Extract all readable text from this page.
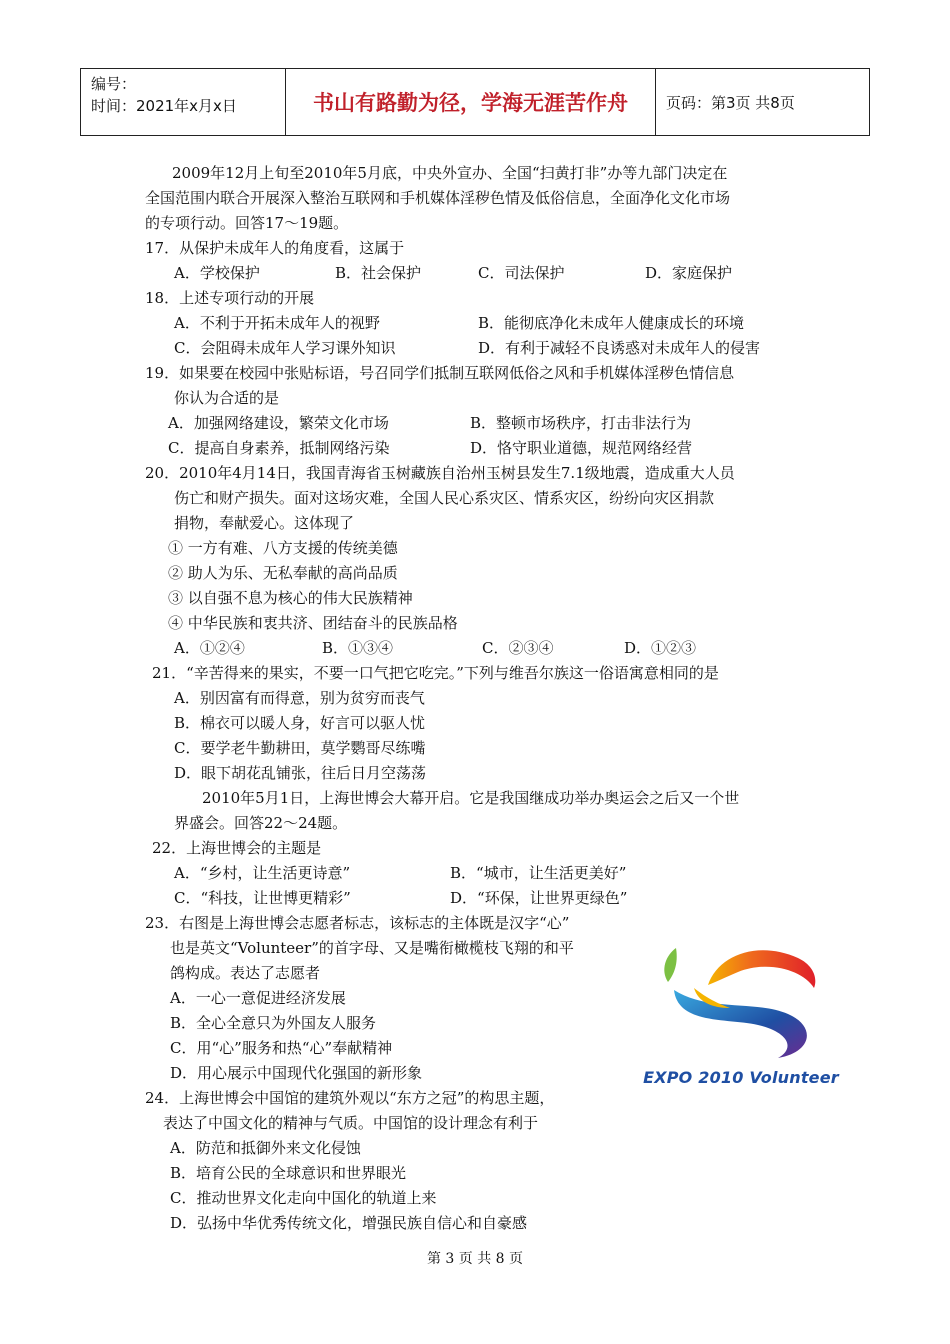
编号：
时间：2021年x月x日	书山有路勤为径，学海无涯苦作舟	页码：第3页 共8页
2009年12月上旬至2010年5月底，中央外宣办、全国“扫黄打非”办等九部门决定在
全国范围内联合开展深入整治互联网和手机媒体淫秽色情及低俗信息，全面净化文化市场
的专项行动。回答17～19题。
17．从保护未成年人的角度看，这属于
A．学校保护	B．社会保护	C．司法保护	D．家庭保护
18．上述专项行动的开展
A．不利于开拓未成年人的视野	B．能彻底净化未成年人健康成长的环境
C．会阻碍未成年人学习课外知识	D．有利于减轻不良诱惑对未成年人的侵害
19．如果要在校园中张贴标语，号召同学们抵制互联网低俗之风和手机媒体淫秽色情信息
你认为合适的是
A．加强网络建设，繁荣文化市场	B．整顿市场秩序，打击非法行为
C．提高自身素养，抵制网络污染	D．恪守职业道德，规范网络经营
20．2010年4月14日，我国青海省玉树藏族自治州玉树县发生7.1级地震，造成重大人员
伤亡和财产损失。面对这场灾难，全国人民心系灾区、情系灾区，纷纷向灾区捐款
捐物，奉献爱心。这体现了
① 一方有难、八方支援的传统美德
② 助人为乐、无私奉献的高尚品质
③ 以自强不息为核心的伟大民族精神
④ 中华民族和衷共济、团结奋斗的民族品格
A．①②④	B．①③④	C．②③④	D．①②③
21．“辛苦得来的果实，不要一口气把它吃完。”下列与维吾尔族这一俗语寓意相同的是
A．别因富有而得意，别为贫穷而丧气
B．棉衣可以暖人身，好言可以驱人忧
C．要学老牛勤耕田，莫学鹦哥尽练嘴
D．眼下胡花乱铺张，往后日月空荡荡
2010年5月1日，上海世博会大幕开启。它是我国继成功举办奥运会之后又一个世
界盛会。回答22～24题。
22．上海世博会的主题是
A．“乡村，让生活更诗意”	B．“城市，让生活更美好”
C．“科技，让世博更精彩”	D．“环保，让世界更绿色”
23．右图是上海世博会志愿者标志，该标志的主体既是汉字“心”
也是英文“Volunteer”的首字母、又是嘴衔橄榄枝飞翔的和平
鸽构成。表达了志愿者
A．一心一意促进经济发展
B．全心全意只为外国友人服务
C．用“心”服务和热“心”奉献精神
D．用心展示中国现代化强国的新形象
24．上海世博会中国馆的建筑外观以“东方之冠”的构思主题，
表达了中国文化的精神与气质。中国馆的设计理念有利于
A．防范和抵御外来文化侵蚀
B．培育公民的全球意识和世界眼光
C．推动世界文化走向中国化的轨道上来
D．弘扬中华优秀传统文化，增强民族自信心和自豪感
EXPO 2010 Volunteer
第 3 页 共 8 页
